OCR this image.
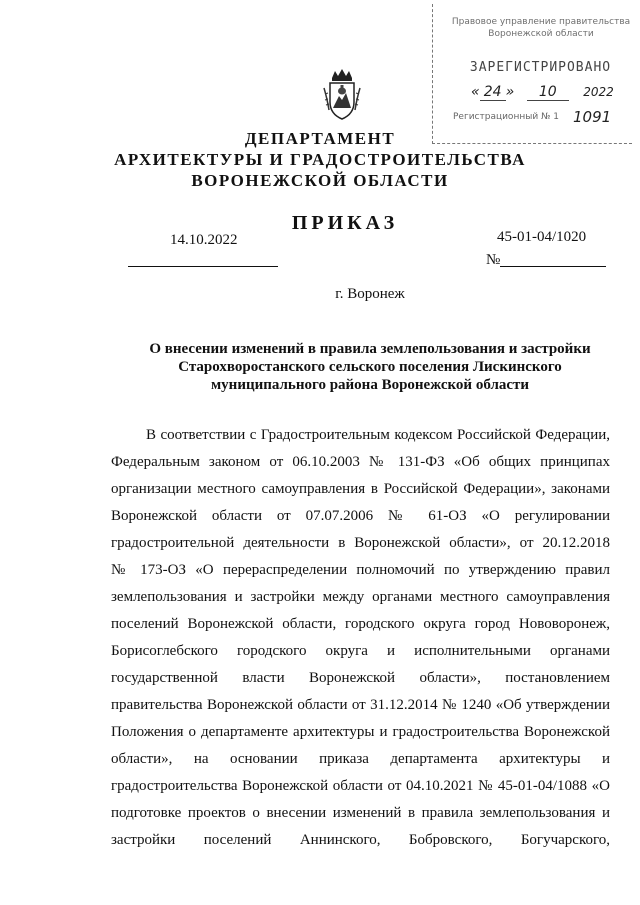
Правовое управление правительства
Воронежской области
ЗАРЕГИСТРИРОВАНО
« 24 » 10 2022
Регистрационный № 1 1091
ДЕПАРТАМЕНТ
АРХИТЕКТУРЫ И ГРАДОСТРОИТЕЛЬСТВА
ВОРОНЕЖСКОЙ ОБЛАСТИ
ПРИКАЗ
14.10.2022	45-01-04/1020
№
г. Воронеж
О внесении изменений в правила землепользования и застройки
Старохворостанского сельского поселения Лискинского
муниципального района Воронежской области
В соответствии с Градостроительным кодексом Российской Федерации,
Федеральным законом от 06.10.2003 № 131-ФЗ «Об общих принципах
организации местного самоуправления в Российской Федерации», законами
Воронежской области от 07.07.2006 № 61-ОЗ «О регулировании
градостроительной деятельности в Воронежской области», от 20.12.2018
№ 173-ОЗ «О перераспределении полномочий по утверждению правил
землепользования и застройки между органами местного самоуправления
поселений Воронежской области, городского округа город Нововоронеж,
Борисоглебского городского округа и исполнительными органами
государственной власти Воронежской области», постановлением
правительства Воронежской области от 31.12.2014 № 1240 «Об утверждении
Положения о департаменте архитектуры и градостроительства Воронежской
области», на основании приказа департамента архитектуры и
градостроительства Воронежской области от 04.10.2021 № 45-01-04/1088 «О
подготовке проектов о внесении изменений в правила землепользования и
застройки поселений Аннинского, Бобровского, Богучарского,
